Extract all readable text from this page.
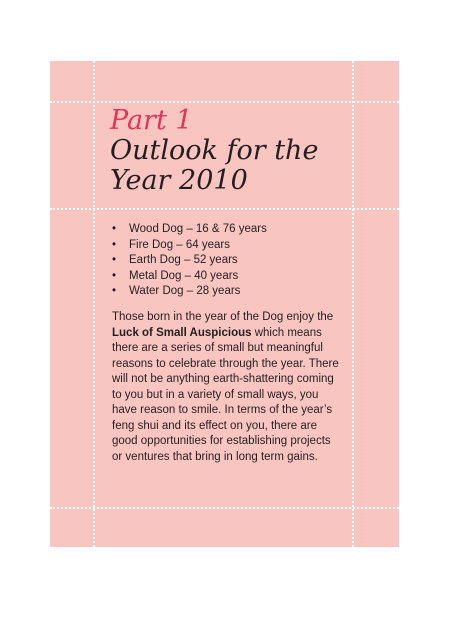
Part 1
Outlook for the Year 2010
• Wood Dog – 16 & 76 years
• Fire Dog – 64 years
• Earth Dog – 52 years
• Metal Dog – 40 years
• Water Dog – 28 years

Those born in the year of the Dog enjoy the Luck of Small Auspicious which means there are a series of small but meaningful reasons to celebrate through the year. There will not be anything earth-shattering coming to you but in a variety of small ways, you have reason to smile. In terms of the year’s feng shui and its effect on you, there are good opportunities for establishing projects or ventures that bring in long term gains.
